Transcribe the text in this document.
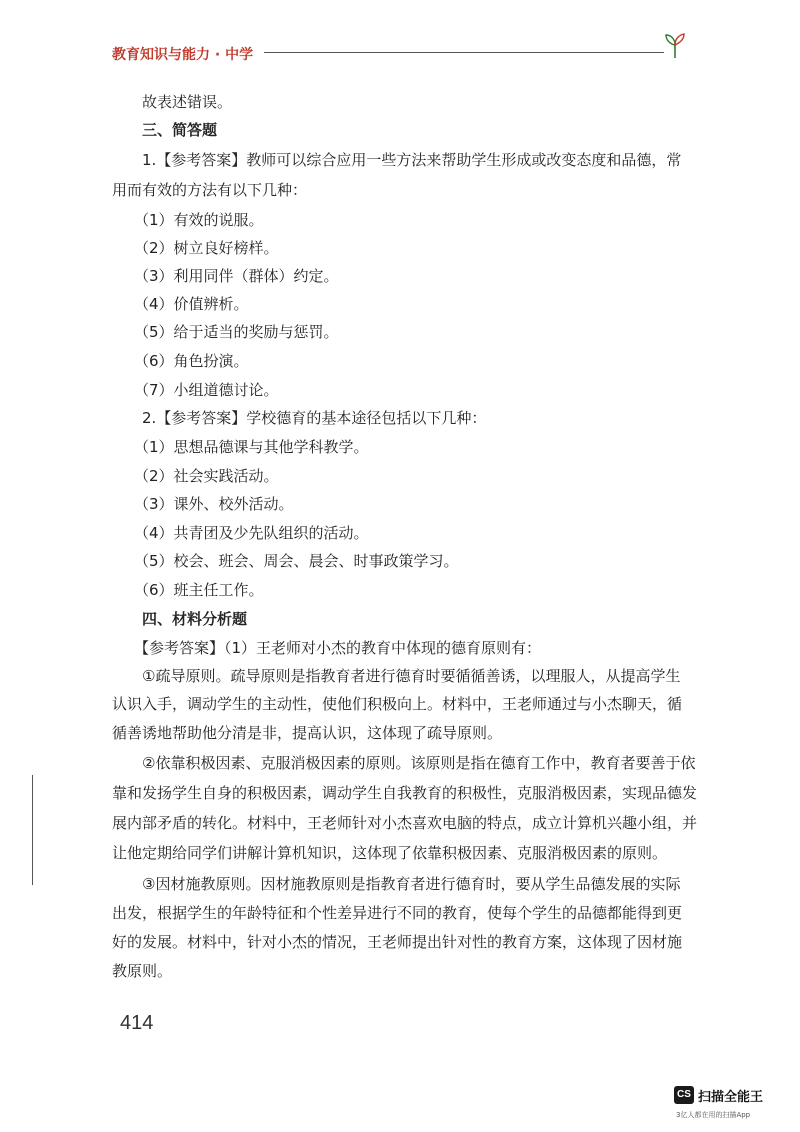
教育知识与能力 · 中学
故表述错误。
三、简答题
1.【参考答案】教师可以综合应用一些方法来帮助学生形成或改变态度和品德，常
用而有效的方法有以下几种：
（1）有效的说服。
（2）树立良好榜样。
（3）利用同伴（群体）约定。
（4）价值辨析。
（5）给于适当的奖励与惩罚。
（6）角色扮演。
（7）小组道德讨论。
2.【参考答案】学校德育的基本途径包括以下几种：
（1）思想品德课与其他学科教学。
（2）社会实践活动。
（3）课外、校外活动。
（4）共青团及少先队组织的活动。
（5）校会、班会、周会、晨会、时事政策学习。
（6）班主任工作。
四、材料分析题
【参考答案】（1）王老师对小杰的教育中体现的德育原则有：
①疏导原则。疏导原则是指教育者进行德育时要循循善诱，以理服人，从提高学生
认识入手，调动学生的主动性，使他们积极向上。材料中，王老师通过与小杰聊天，循
循善诱地帮助他分清是非，提高认识，这体现了疏导原则。
②依靠积极因素、克服消极因素的原则。该原则是指在德育工作中，教育者要善于依
靠和发扬学生自身的积极因素，调动学生自我教育的积极性，克服消极因素，实现品德发
展内部矛盾的转化。材料中，王老师针对小杰喜欢电脑的特点，成立计算机兴趣小组，并
让他定期给同学们讲解计算机知识，这体现了依靠积极因素、克服消极因素的原则。
③因材施教原则。因材施教原则是指教育者进行德育时，要从学生品德发展的实际
出发，根据学生的年龄特征和个性差异进行不同的教育，使每个学生的品德都能得到更
好的发展。材料中，针对小杰的情况，王老师提出针对性的教育方案，这体现了因材施
教原则。
414
CS 扫描全能王
3亿人都在用的扫描App
